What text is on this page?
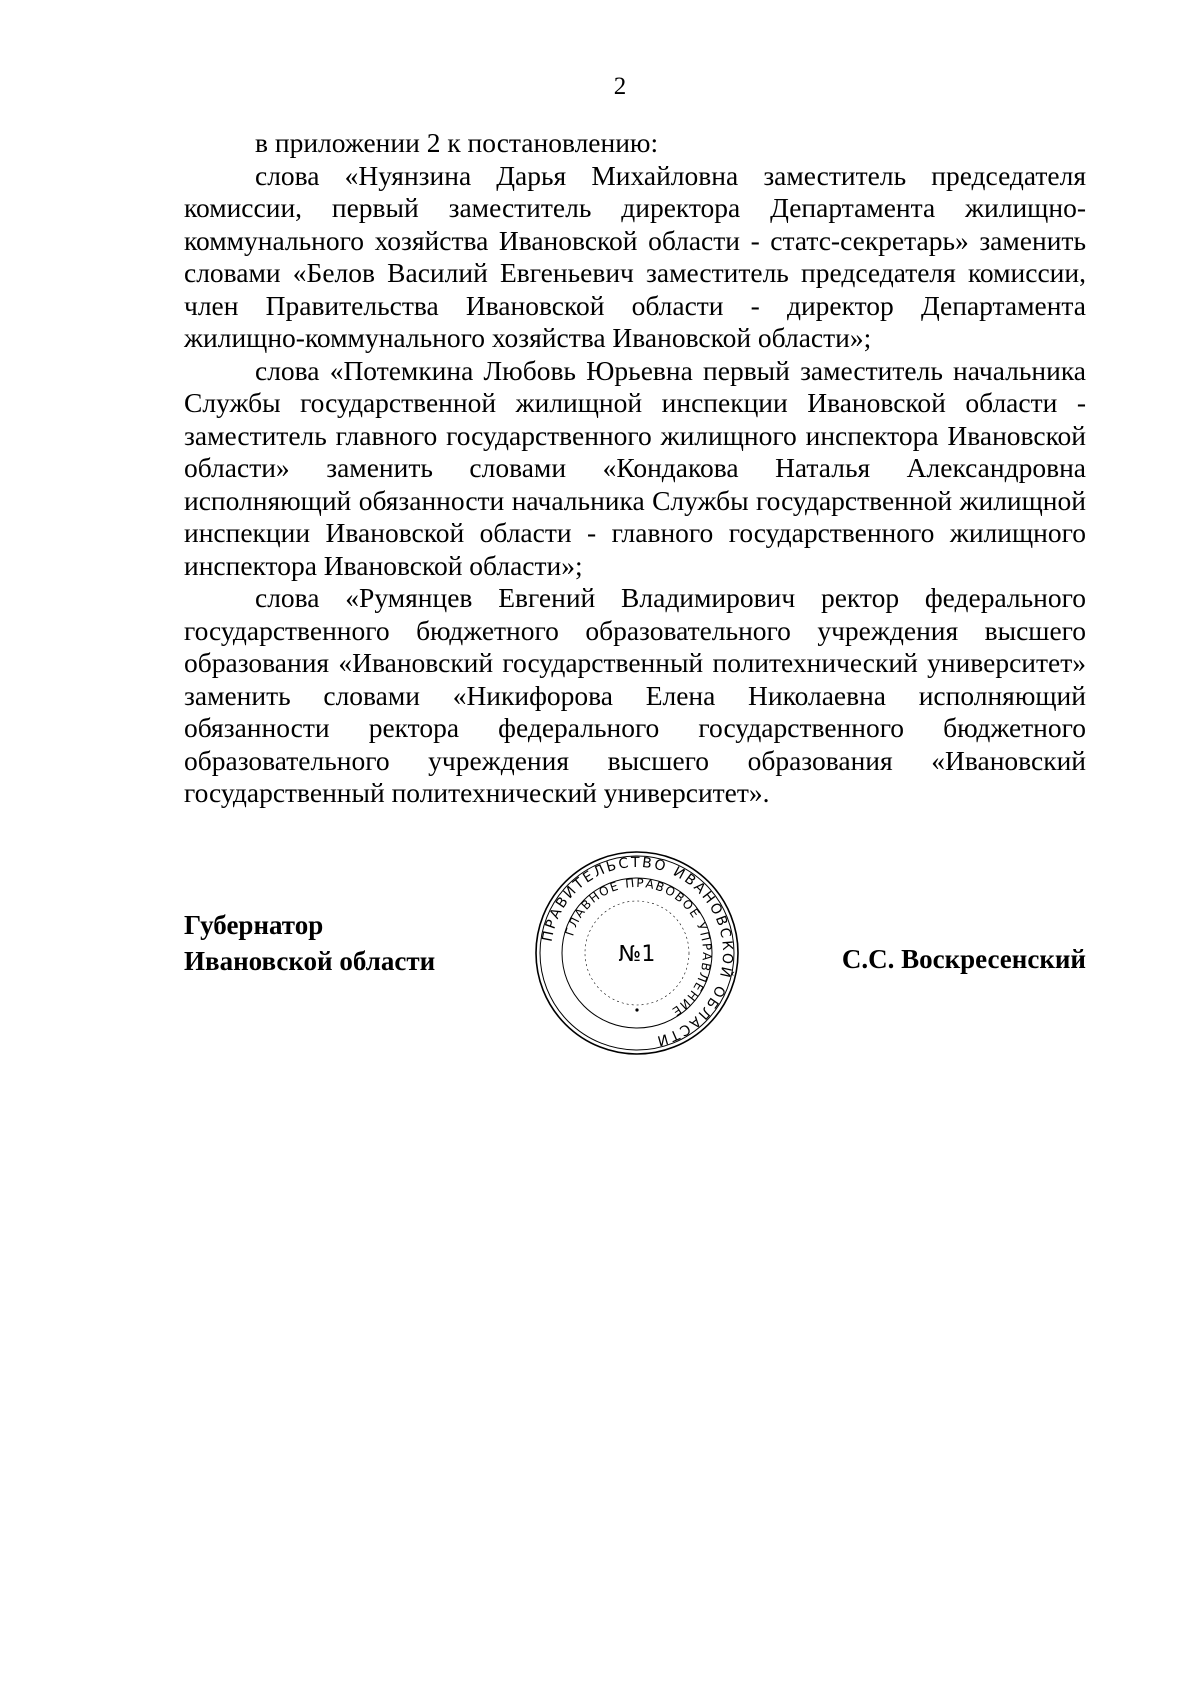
2

в приложении 2 к постановлению:

слова «Нуянзина Дарья Михайловна заместитель председателя комиссии, первый заместитель директора Департамента жилищно-коммунального хозяйства Ивановской области - статс-секретарь» заменить словами «Белов Василий Евгеньевич заместитель председателя комиссии, член Правительства Ивановской области - директор Департамента жилищно-коммунального хозяйства Ивановской области»;

слова «Потемкина Любовь Юрьевна первый заместитель начальника Службы государственной жилищной инспекции Ивановской области - заместитель главного государственного жилищного инспектора Ивановской области» заменить словами «Кондакова Наталья Александровна исполняющий обязанности начальника Службы государственной жилищной инспекции Ивановской области - главного государственного жилищного инспектора Ивановской области»;

слова «Румянцев Евгений Владимирович ректор федерального государственного бюджетного образовательного учреждения высшего образования «Ивановский государственный политехнический университет» заменить словами «Никифорова Елена Николаевна исполняющий обязанности ректора федерального государственного бюджетного образовательного учреждения высшего образования «Ивановский государственный политехнический университет».

Губернатор
Ивановской области	С.С. Воскресенский
ПРАВИТЕЛЬСТВО ИВАНОВСКОЙ ОБЛАСТИ
ГЛАВНОЕ ПРАВОВОЕ УПРАВЛЕНИЕ
№1
